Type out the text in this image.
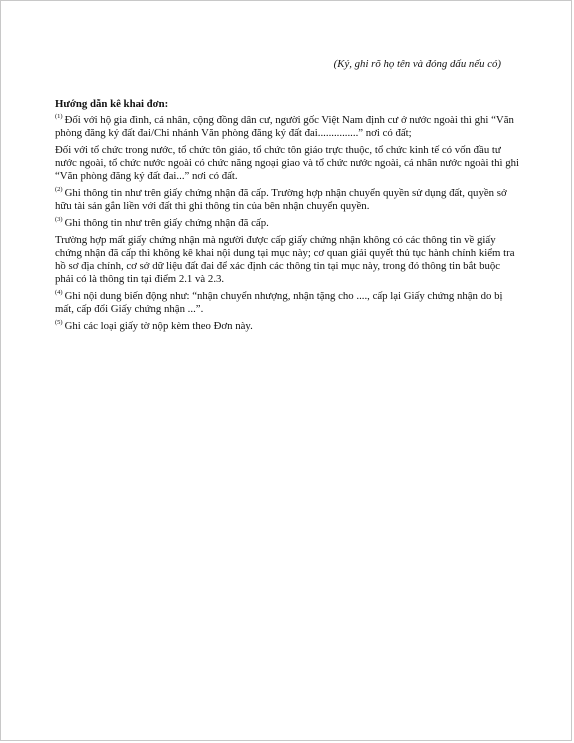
(Ký, ghi rõ họ tên và đóng dấu nếu có)

Hướng dẫn kê khai đơn:

$^{(1)}$ Đối với hộ gia đình, cá nhân, cộng đồng dân cư, người gốc Việt Nam định cư ở nước ngoài thì ghi “Văn phòng đăng ký đất đai/Chi nhánh Văn phòng đăng ký đất đai...............” nơi có đất;

Đối với tổ chức trong nước, tổ chức tôn giáo, tổ chức tôn giáo trực thuộc, tổ chức kinh tế có vốn đầu tư nước ngoài, tổ chức nước ngoài có chức năng ngoại giao và tổ chức nước ngoài, cá nhân nước ngoài thì ghi “Văn phòng đăng ký đất đai...” nơi có đất.

$^{(2)}$ Ghi thông tin như trên giấy chứng nhận đã cấp. Trường hợp nhận chuyển quyền sử dụng đất, quyền sở hữu tài sản gắn liền với đất thì ghi thông tin của bên nhận chuyển quyền.

$^{(3)}$ Ghi thông tin như trên giấy chứng nhận đã cấp.

Trường hợp mất giấy chứng nhận mà người được cấp giấy chứng nhận không có các thông tin về giấy chứng nhận đã cấp thì không kê khai nội dung tại mục này; cơ quan giải quyết thủ tục hành chính kiểm tra hồ sơ địa chính, cơ sở dữ liệu đất đai để xác định các thông tin tại mục này, trong đó thông tin bắt buộc phải có là thông tin tại điểm 2.1 và 2.3.

$^{(4)}$ Ghi nội dung biến động như: “nhận chuyển nhượng, nhận tặng cho ...., cấp lại Giấy chứng nhận do bị mất, cấp đổi Giấy chứng nhận ...”.

$^{(5)}$ Ghi các loại giấy tờ nộp kèm theo Đơn này.
